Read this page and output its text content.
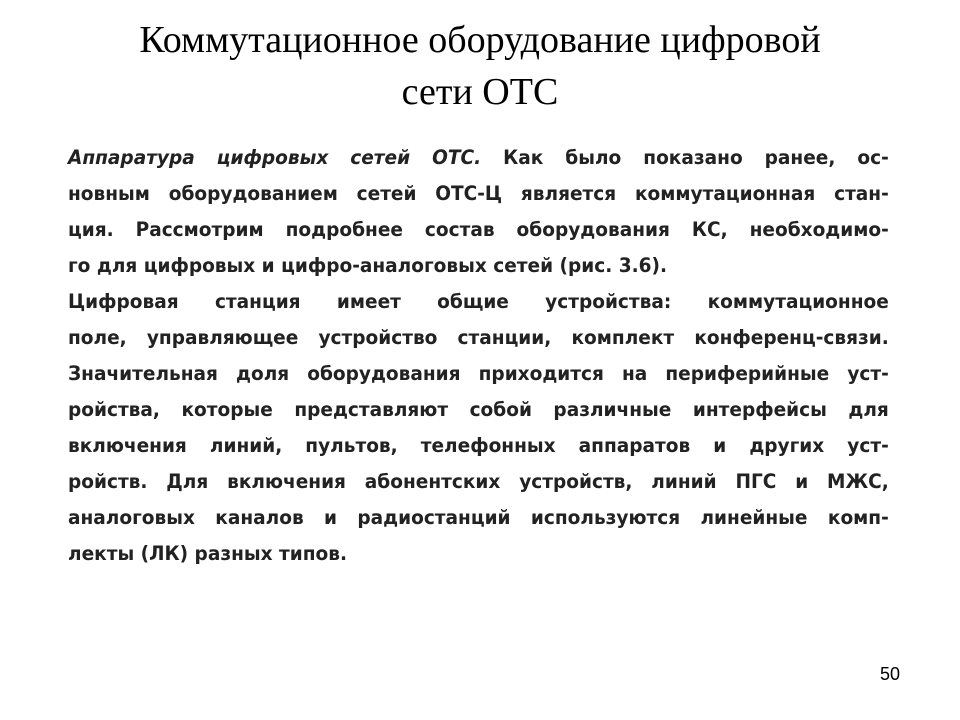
Коммутационное оборудование цифровой
сети ОТС
Аппаратура цифровых сетей ОТС. Как было показано ранее, ос-
новным оборудованием сетей ОТС-Ц является коммутационная стан-
ция. Рассмотрим подробнее состав оборудования КС, необходимо-
го для цифровых и цифро-аналоговых сетей (рис. 3.6).
Цифровая станция имеет общие устройства: коммутационное
поле, управляющее устройство станции, комплект конференц-связи.
Значительная доля оборудования приходится на периферийные уст-
ройства, которые представляют собой различные интерфейсы для
включения линий, пультов, телефонных аппаратов и других уст-
ройств. Для включения абонентских устройств, линий ПГС и МЖС,
аналоговых каналов и радиостанций используются линейные комп-
лекты (ЛК) разных типов.
50
